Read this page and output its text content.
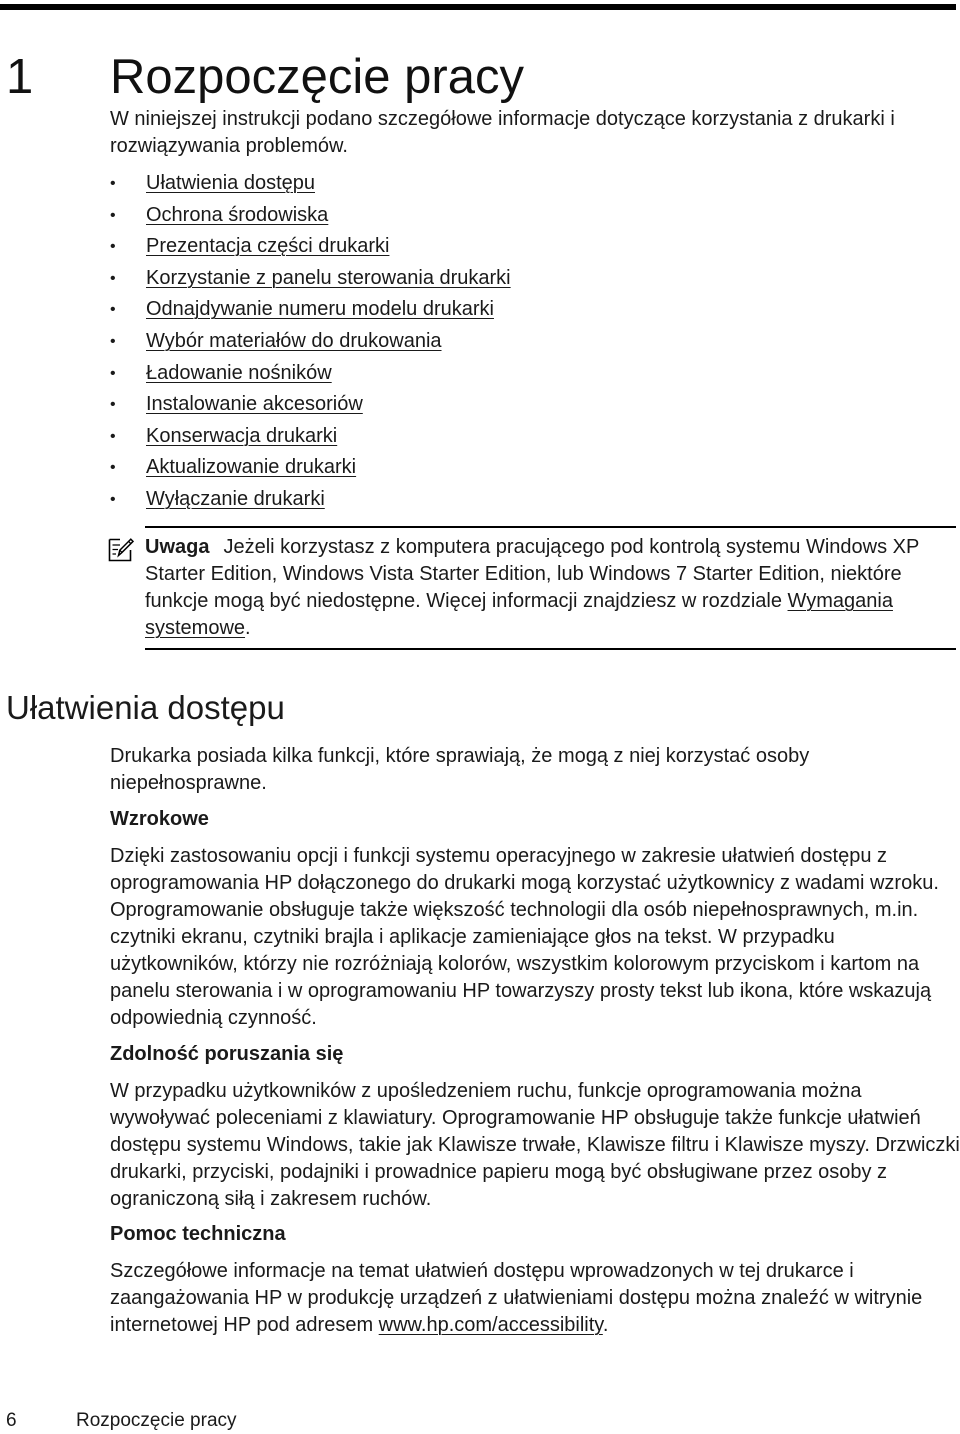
1 Rozpoczęcie pracy

W niniejszej instrukcji podano szczegółowe informacje dotyczące korzystania z drukarki i rozwiązywania problemów.

• Ułatwienia dostępu
• Ochrona środowiska
• Prezentacja części drukarki
• Korzystanie z panelu sterowania drukarki
• Odnajdywanie numeru modelu drukarki
• Wybór materiałów do drukowania
• Ładowanie nośników
• Instalowanie akcesoriów
• Konserwacja drukarki
• Aktualizowanie drukarki
• Wyłączanie drukarki

Uwaga Jeżeli korzystasz z komputera pracującego pod kontrolą systemu Windows XP Starter Edition, Windows Vista Starter Edition, lub Windows 7 Starter Edition, niektóre funkcje mogą być niedostępne. Więcej informacji znajdziesz w rozdziale Wymagania systemowe.

Ułatwienia dostępu

Drukarka posiada kilka funkcji, które sprawiają, że mogą z niej korzystać osoby niepełnosprawne.

Wzrokowe

Dzięki zastosowaniu opcji i funkcji systemu operacyjnego w zakresie ułatwień dostępu z oprogramowania HP dołączonego do drukarki mogą korzystać użytkownicy z wadami wzroku. Oprogramowanie obsługuje także większość technologii dla osób niepełnosprawnych, m.in. czytniki ekranu, czytniki brajla i aplikacje zamieniające głos na tekst. W przypadku użytkowników, którzy nie rozróżniają kolorów, wszystkim kolorowym przyciskom i kartom na panelu sterowania i w oprogramowaniu HP towarzyszy prosty tekst lub ikona, które wskazują odpowiednią czynność.

Zdolność poruszania się

W przypadku użytkowników z upośledzeniem ruchu, funkcje oprogramowania można wywoływać poleceniami z klawiatury. Oprogramowanie HP obsługuje także funkcje ułatwień dostępu systemu Windows, takie jak Klawisze trwałe, Klawisze filtru i Klawisze myszy. Drzwiczki drukarki, przyciski, podajniki i prowadnice papieru mogą być obsługiwane przez osoby z ograniczoną siłą i zakresem ruchów.

Pomoc techniczna

Szczegółowe informacje na temat ułatwień dostępu wprowadzonych w tej drukarce i zaangażowania HP w produkcję urządzeń z ułatwieniami dostępu można znaleźć w witrynie internetowej HP pod adresem www.hp.com/accessibility.

6	Rozpoczęcie pracy
